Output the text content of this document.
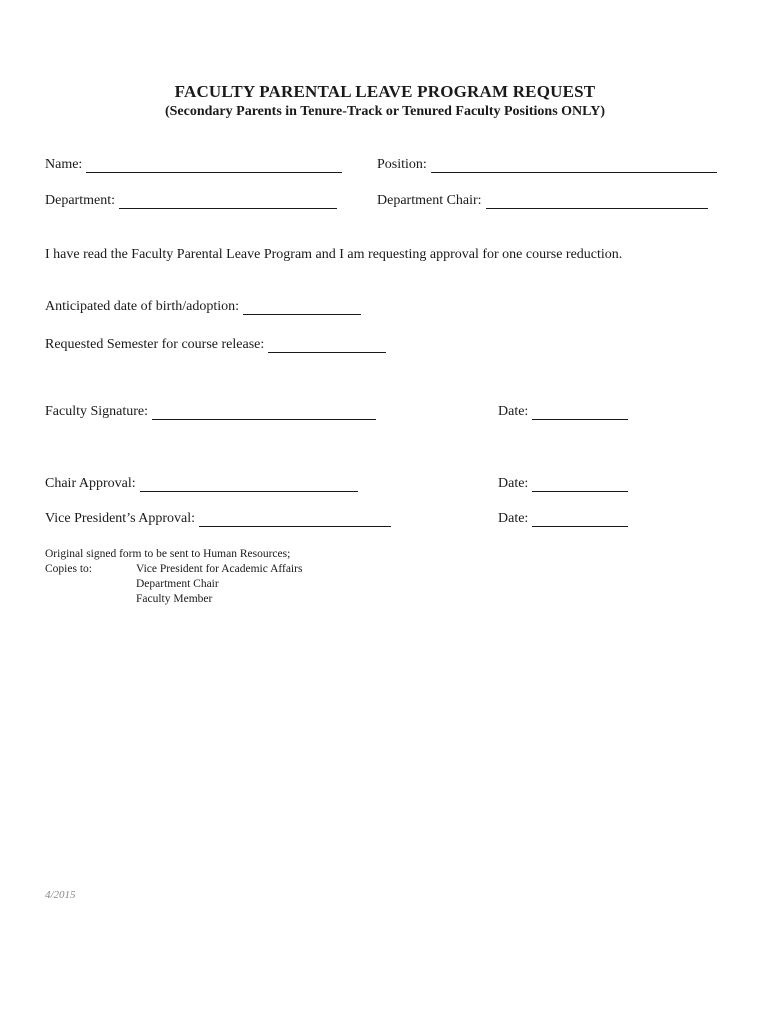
FACULTY PARENTAL LEAVE PROGRAM REQUEST
(Secondary Parents in Tenure-Track or Tenured Faculty Positions ONLY)
Name:	Position:
Department:	Department Chair:
I have read the Faculty Parental Leave Program and I am requesting approval for one course reduction.
Anticipated date of birth/adoption:
Requested Semester for course release:
Faculty Signature:	Date:
Chair Approval:	Date:
Vice President’s Approval:	Date:
Original signed form to be sent to Human Resources;
Copies to:	Vice President for Academic Affairs
Department Chair
Faculty Member
4/2015
